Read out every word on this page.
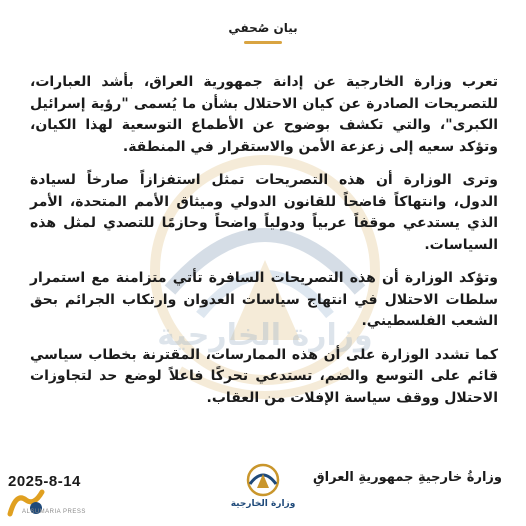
وزارة الخارجية
بيان صُحفي

تعرب وزارة الخارجية عن إدانة جمهورية العراق، بأشد العبارات، للتصريحات الصادرة عن كيان الاحتلال بشأن ما يُسمى "رؤية إسرائيل الكبرى"، والتي تكشف بوضوح عن الأطماع التوسعية لهذا الكيان، وتؤكد سعيه إلى زعزعة الأمن والاستقرار في المنطقة.

وترى الوزارة أن هذه التصريحات تمثل استفزازاً صارخاً لسيادة الدول، وانتهاكاً فاضحاً للقانون الدولي وميثاق الأمم المتحدة، الأمر الذي يستدعي موقفاً عربياً ودولياً واضحاً وحازمًا للتصدي لمثل هذه السياسات.

وتؤكد الوزارة أن هذه التصريحات السافرة تأتي متزامنة مع استمرار سلطات الاحتلال في انتهاج سياسات العدوان وارتكاب الجرائم بحق الشعب الفلسطيني.

كما تشدد الوزارة على أن هذه الممارسات، المقترنة بخطاب سياسي قائم على التوسع والضم، تستدعي تحركًا فاعلاً لوضع حد لتجاوزات الاحتلال ووقف سياسة الإفلات من العقاب.

وزارةُ خارجيةِ جمهوريةِ العراقِ
وزارة الخارجية
2025-8-14
ALSUMARIA PRESS
